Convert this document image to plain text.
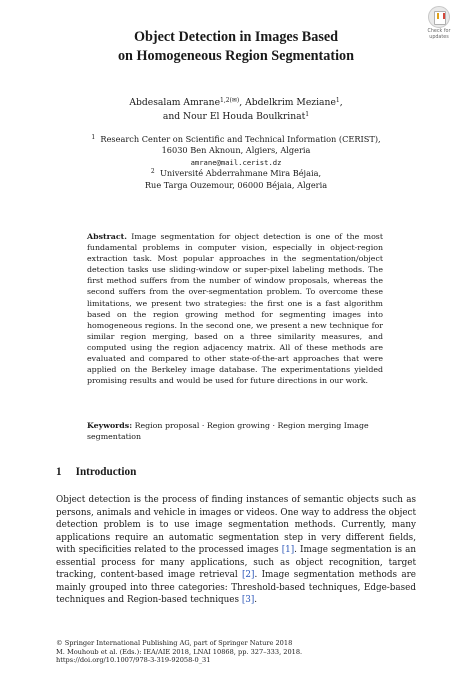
Check for updates
Object Detection in Images Based
on Homogeneous Region Segmentation
Abdesalam Amrane$^{1,2(✉)}$, Abdelkrim Meziane$^1$,
and Nour El Houda Boulkrinat$^1$
$^1$ Research Center on Scientific and Technical Information (CERIST),
16030 Ben Aknoun, Algiers, Algeria
amrane@mail.cerist.dz
$^2$ Université Abderrahmane Mira Béjaia,
Rue Targa Ouzemour, 06000 Béjaia, Algeria
Abstract. Image segmentation for object detection is one of the most fundamental problems in computer vision, especially in object-region extraction task. Most popular approaches in the segmentation/object detection tasks use sliding-window or super-pixel labeling methods. The first method suffers from the number of window proposals, whereas the second suffers from the over-segmentation problem. To overcome these limitations, we present two strategies: the first one is a fast algorithm based on the region growing method for segmenting images into homogeneous regions. In the second one, we present a new technique for similar region merging, based on a three similarity measures, and computed using the region adjacency matrix. All of these methods are evaluated and compared to other state-of-the-art approaches that were applied on the Berkeley image database. The experimentations yielded promising results and would be used for future directions in our work.
Keywords: Region proposal · Region growing · Region merging Image segmentation
1 Introduction
Object detection is the process of finding instances of semantic objects such as persons, animals and vehicle in images or videos. One way to address the object detection problem is to use image segmentation methods. Currently, many applications require an automatic segmentation step in very different fields, with specificities related to the processed images [1]. Image segmentation is an essential process for many applications, such as object recognition, target tracking, content-based image retrieval [2]. Image segmentation methods are mainly grouped into three categories: Threshold-based techniques, Edge-based techniques and Region-based techniques [3].
© Springer International Publishing AG, part of Springer Nature 2018
M. Mouhoub et al. (Eds.): IEA/AIE 2018, LNAI 10868, pp. 327–333, 2018.
https://doi.org/10.1007/978-3-319-92058-0_31
